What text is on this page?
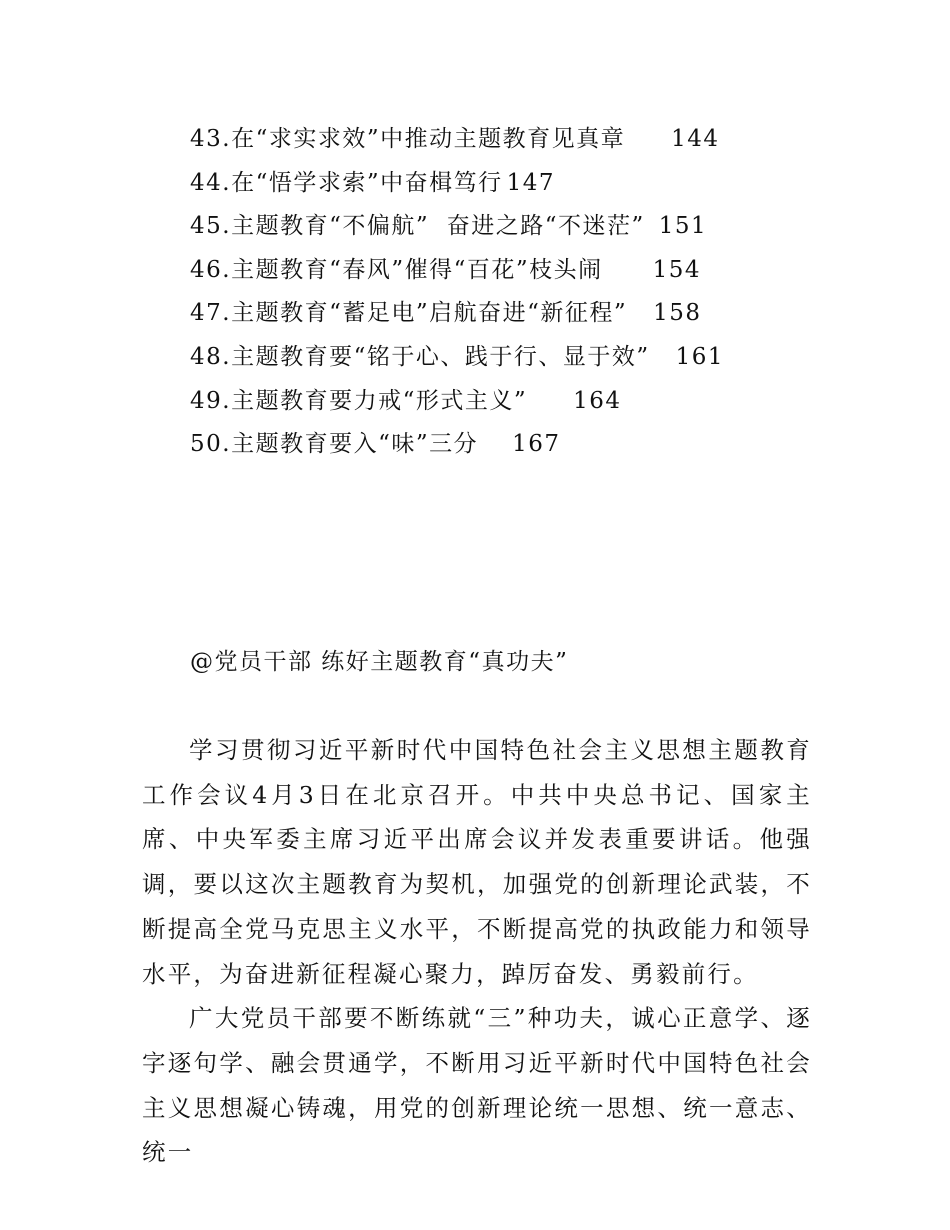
43.在“求实求效”中推动主题教育见真章 144
44.在“悟学求索”中奋楫笃行 147
45.主题教育“不偏航”  奋进之路“不迷茫” 151
46.主题教育“春风”催得“百花”枝头闹 154
47.主题教育“蓄足电”启航奋进“新征程” 158
48.主题教育要“铭于心、践于行、显于效” 161
49.主题教育要力戒“形式主义” 164
50.主题教育要入“味”三分 167
@党员干部 练好主题教育“真功夫”

学习贯彻习近平新时代中国特色社会主义思想主题教育工作会议4月3日在北京召开。中共中央总书记、国家主席、中央军委主席习近平出席会议并发表重要讲话。他强调，要以这次主题教育为契机，加强党的创新理论武装，不断提高全党马克思主义水平，不断提高党的执政能力和领导水平，为奋进新征程凝心聚力，踔厉奋发、勇毅前行。

广大党员干部要不断练就“三”种功夫，诚心正意学、逐字逐句学、融会贯通学，不断用习近平新时代中国特色社会主义思想凝心铸魂，用党的创新理论统一思想、统一意志、统一
